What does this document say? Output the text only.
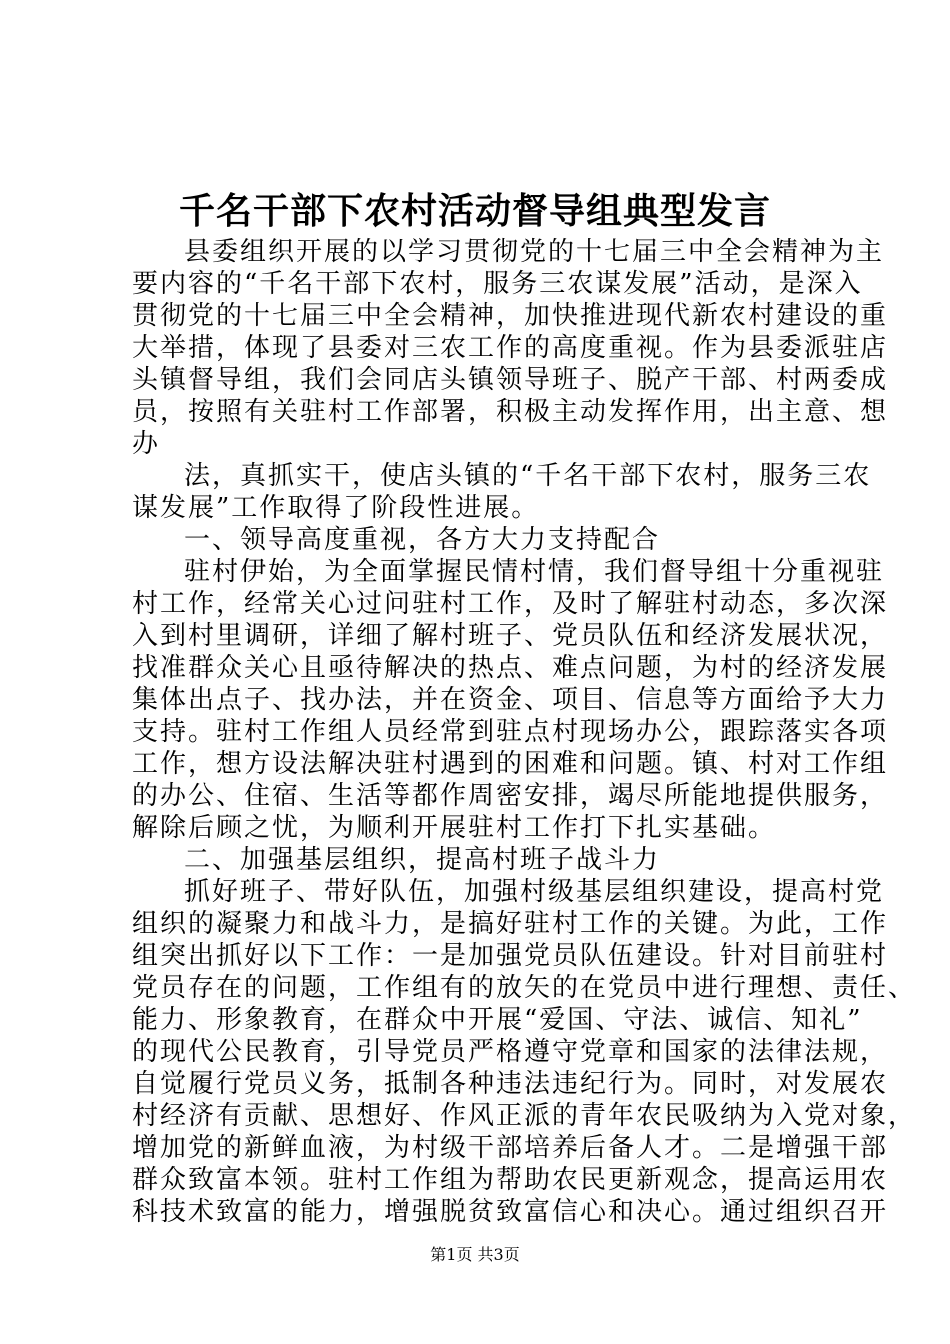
千名干部下农村活动督导组典型发言
县委组织开展的以学习贯彻党的十七届三中全会精神为主
要内容的“千名干部下农村，服务三农谋发展”活动，是深入
贯彻党的十七届三中全会精神，加快推进现代新农村建设的重
大举措，体现了县委对三农工作的高度重视。作为县委派驻店
头镇督导组，我们会同店头镇领导班子、脱产干部、村两委成
员，按照有关驻村工作部署，积极主动发挥作用，出主意、想
办
法，真抓实干，使店头镇的“千名干部下农村，服务三农
谋发展”工作取得了阶段性进展。
一、领导高度重视，各方大力支持配合
驻村伊始，为全面掌握民情村情，我们督导组十分重视驻
村工作，经常关心过问驻村工作，及时了解驻村动态，多次深
入到村里调研，详细了解村班子、党员队伍和经济发展状况，
找准群众关心且亟待解决的热点、难点问题，为村的经济发展
集体出点子、找办法，并在资金、项目、信息等方面给予大力
支持。驻村工作组人员经常到驻点村现场办公，跟踪落实各项
工作，想方设法解决驻村遇到的困难和问题。镇、村对工作组
的办公、住宿、生活等都作周密安排，竭尽所能地提供服务，
解除后顾之忧，为顺利开展驻村工作打下扎实基础。
二、加强基层组织，提高村班子战斗力
抓好班子、带好队伍，加强村级基层组织建设，提高村党
组织的凝聚力和战斗力，是搞好驻村工作的关键。为此，工作
组突出抓好以下工作：一是加强党员队伍建设。针对目前驻村
党员存在的问题，工作组有的放矢的在党员中进行理想、责任、
能力、形象教育，在群众中开展“爱国、守法、诚信、知礼”
的现代公民教育，引导党员严格遵守党章和国家的法律法规，
自觉履行党员义务，抵制各种违法违纪行为。同时，对发展农
村经济有贡献、思想好、作风正派的青年农民吸纳为入党对象，
增加党的新鲜血液，为村级干部培养后备人才。二是增强干部
群众致富本领。驻村工作组为帮助农民更新观念，提高运用农
科技术致富的能力，增强脱贫致富信心和决心。通过组织召开
第1页 共3页
